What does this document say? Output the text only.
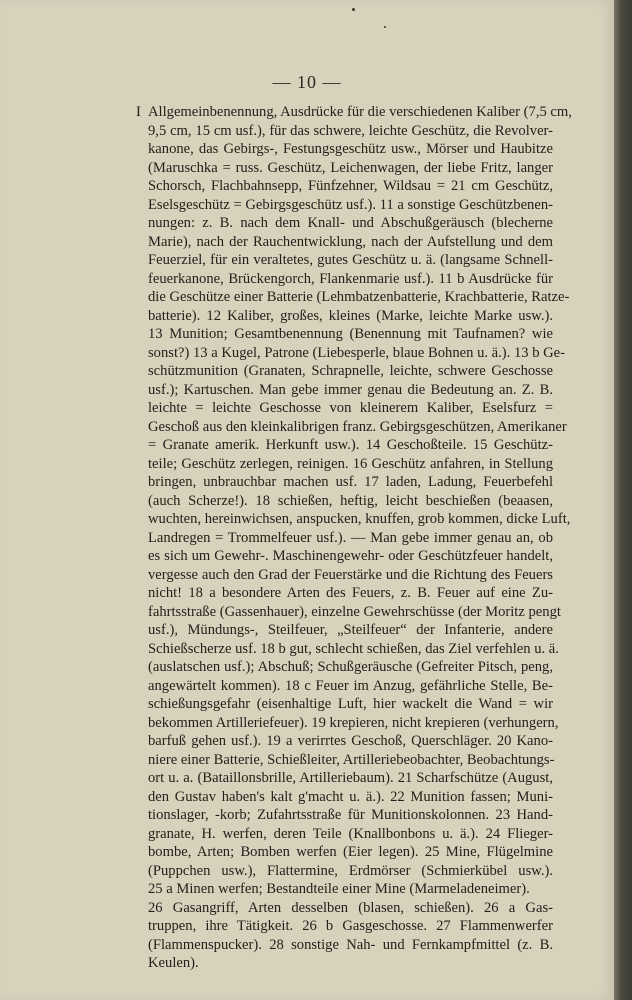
— 10 —
I Allgemeinbenennung, Ausdrücke für die verschiedenen Kaliber (7,5 cm,
9,5 cm, 15 cm usf.), für das schwere, leichte Geschütz, die Revolver-
kanone, das Gebirgs-, Festungsgeschütz usw., Mörser und Haubitze
(Maruschka = russ. Geschütz, Leichenwagen, der liebe Fritz, langer
Schorsch, Flachbahnsepp, Fünfzehner, Wildsau = 21 cm Geschütz,
Eselsgeschütz = Gebirgsgeschütz usf.). 11 a sonstige Geschützbenen-
nungen: z. B. nach dem Knall- und Abschußgeräusch (blecherne
Marie), nach der Rauchentwicklung, nach der Aufstellung und dem
Feuerziel, für ein veraltetes, gutes Geschütz u. ä. (langsame Schnell-
feuerkanone, Brückengorch, Flankenmarie usf.). 11 b Ausdrücke für
die Geschütze einer Batterie (Lehmbatzenbatterie, Krachbatterie, Ratze-
batterie). 12 Kaliber, großes, kleines (Marke, leichte Marke usw.).
13 Munition; Gesamtbenennung (Benennung mit Taufnamen? wie
sonst?) 13 a Kugel, Patrone (Liebesperle, blaue Bohnen u. ä.). 13 b Ge-
schützmunition (Granaten, Schrapnelle, leichte, schwere Geschosse
usf.); Kartuschen. Man gebe immer genau die Bedeutung an. Z. B.
leichte = leichte Geschosse von kleinerem Kaliber, Eselsfurz =
Geschoß aus den kleinkalibrigen franz. Gebirgsgeschützen, Amerikaner
= Granate amerik. Herkunft usw.). 14 Geschoßteile. 15 Geschütz-
teile; Geschütz zerlegen, reinigen. 16 Geschütz anfahren, in Stellung
bringen, unbrauchbar machen usf. 17 laden, Ladung, Feuerbefehl
(auch Scherze!). 18 schießen, heftig, leicht beschießen (beaasen,
wuchten, hereinwichsen, anspucken, knuffen, grob kommen, dicke Luft,
Landregen = Trommelfeuer usf.). — Man gebe immer genau an, ob
es sich um Gewehr-. Maschinengewehr- oder Geschützfeuer handelt,
vergesse auch den Grad der Feuerstärke und die Richtung des Feuers
nicht! 18 a besondere Arten des Feuers, z. B. Feuer auf eine Zu-
fahrtsstraße (Gassenhauer), einzelne Gewehrschüsse (der Moritz pengt
usf.), Mündungs-, Steilfeuer, „Steilfeuer“ der Infanterie, andere
Schießscherze usf. 18 b gut, schlecht schießen, das Ziel verfehlen u. ä.
(auslatschen usf.); Abschuß; Schußgeräusche (Gefreiter Pitsch, peng,
angewärtelt kommen). 18 c Feuer im Anzug, gefährliche Stelle, Be-
schießungsgefahr (eisenhaltige Luft, hier wackelt die Wand = wir
bekommen Artilleriefeuer). 19 krepieren, nicht krepieren (verhungern,
barfuß gehen usf.). 19 a verirrtes Geschoß, Querschläger. 20 Kano-
niere einer Batterie, Schießleiter, Artilleriebeobachter, Beobachtungs-
ort u. a. (Bataillonsbrille, Artilleriebaum). 21 Scharfschütze (August,
den Gustav haben's kalt g'macht u. ä.). 22 Munition fassen; Muni-
tionslager, -korb; Zufahrtsstraße für Munitionskolonnen. 23 Hand-
granate, H. werfen, deren Teile (Knallbonbons u. ä.). 24 Flieger-
bombe, Arten; Bomben werfen (Eier legen). 25 Mine, Flügelmine
(Puppchen usw.), Flattermine, Erdmörser (Schmierkübel usw.).
25 a Minen werfen; Bestandteile einer Mine (Marmeladeneimer).
26 Gasangriff, Arten desselben (blasen, schießen). 26 a Gas-
truppen, ihre Tätigkeit. 26 b Gasgeschosse. 27 Flammenwerfer
(Flammenspucker). 28 sonstige Nah- und Fernkampfmittel (z. B.
Keulen).
